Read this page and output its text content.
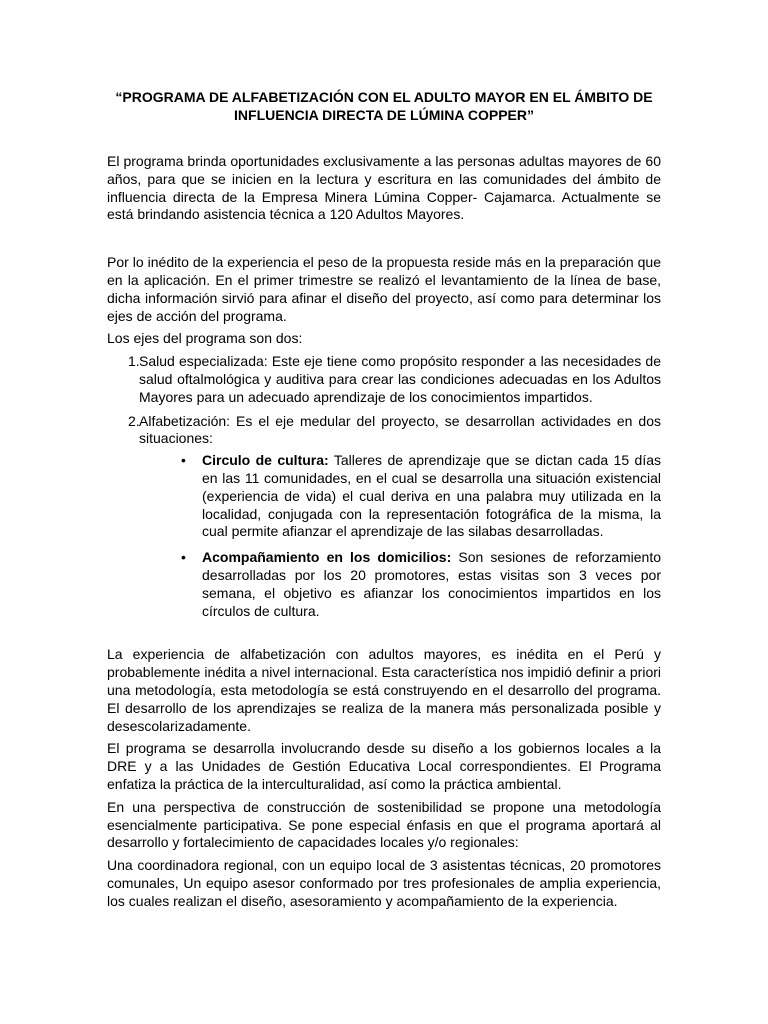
“PROGRAMA DE ALFABETIZACIÓN CON EL ADULTO MAYOR EN EL ÁMBITO DE INFLUENCIA DIRECTA DE LÚMINA COPPER”

El programa brinda oportunidades exclusivamente a las personas adultas mayores de 60 años, para que se inicien en la lectura y escritura en las comunidades del ámbito de influencia directa de la Empresa Minera Lúmina Copper- Cajamarca. Actualmente se está brindando asistencia técnica a 120 Adultos Mayores.

Por lo inédito de la experiencia el peso de la propuesta reside más en la preparación que en la aplicación. En el primer trimestre se realizó el levantamiento de la línea de base, dicha información sirvió para afinar el diseño del proyecto, así como para determinar los ejes de acción del programa.

Los ejes del programa son dos:

1. Salud especializada: Este eje tiene como propósito responder a las necesidades de salud oftalmológica y auditiva para crear las condiciones adecuadas en los Adultos Mayores para un adecuado aprendizaje de los conocimientos impartidos.
2. Alfabetización: Es el eje medular del proyecto, se desarrollan actividades en dos situaciones:
• Circulo de cultura: Talleres de aprendizaje que se dictan cada 15 días en las 11 comunidades, en el cual se desarrolla una situación existencial (experiencia de vida) el cual deriva en una palabra muy utilizada en la localidad, conjugada con la representación fotográfica de la misma, la cual permite afianzar el aprendizaje de las silabas desarrolladas.
• Acompañamiento en los domicilios: Son sesiones de reforzamiento desarrolladas por los 20 promotores, estas visitas son 3 veces por semana, el objetivo es afianzar los conocimientos impartidos en los círculos de cultura.

La experiencia de alfabetización con adultos mayores, es inédita en el Perú y probablemente inédita a nivel internacional. Esta característica nos impidió definir a priori una metodología, esta metodología se está construyendo en el desarrollo del programa. El desarrollo de los aprendizajes se realiza de la manera más personalizada posible y desescolarizadamente.

El programa se desarrolla involucrando desde su diseño a los gobiernos locales a la DRE y a las Unidades de Gestión Educativa Local correspondientes. El Programa enfatiza la práctica de la interculturalidad, así como la práctica ambiental.

En una perspectiva de construcción de sostenibilidad se propone una metodología esencialmente participativa. Se pone especial énfasis en que el programa aportará al desarrollo y fortalecimiento de capacidades locales y/o regionales:

Una coordinadora regional, con un equipo local de 3 asistentas técnicas, 20 promotores comunales, Un equipo asesor conformado por tres profesionales de amplia experiencia, los cuales realizan el diseño, asesoramiento y acompañamiento de la experiencia.
